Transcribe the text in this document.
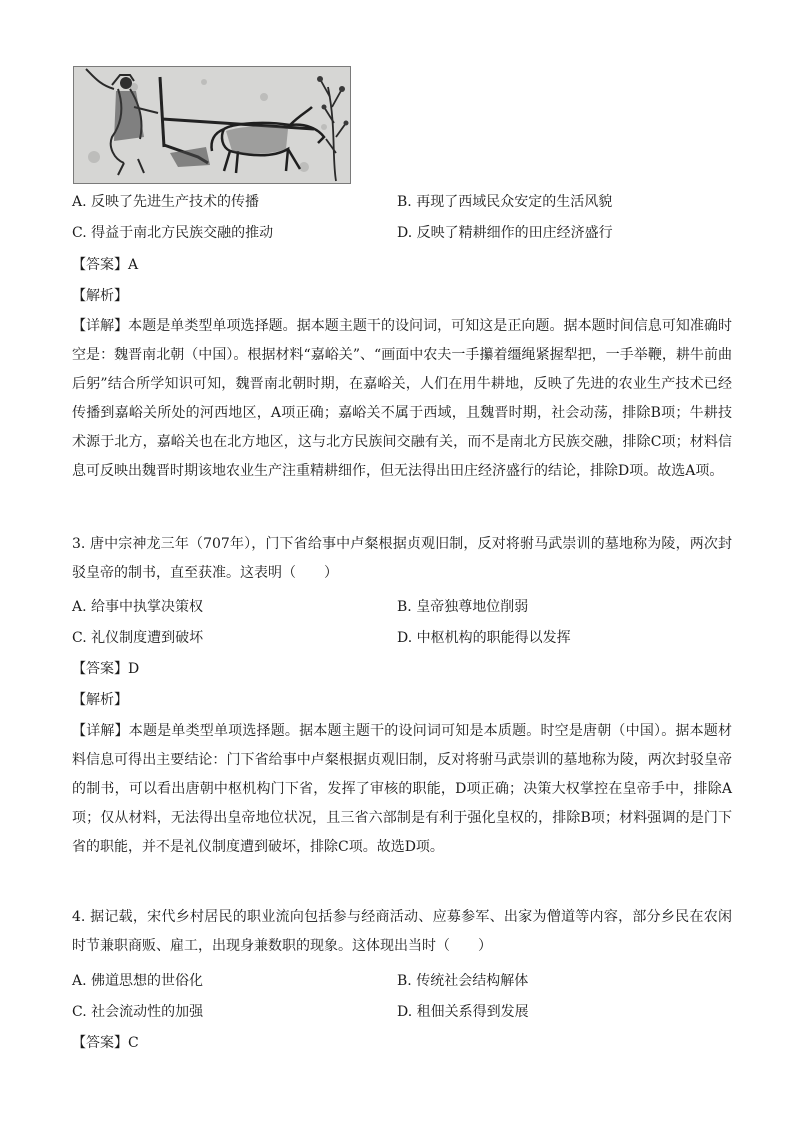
A. 反映了先进生产技术的传播	B. 再现了西域民众安定的生活风貌
C. 得益于南北方民族交融的推动	D. 反映了精耕细作的田庄经济盛行
【答案】A
【解析】
【详解】本题是单类型单项选择题。据本题主题干的设问词，可知这是正向题。据本题时间信息可知准确时空是：魏晋南北朝（中国）。根据材料“嘉峪关”、“画面中农夫一手攥着缰绳紧握犁把，一手举鞭，耕牛前曲后躬”结合所学知识可知，魏晋南北朝时期，在嘉峪关，人们在用牛耕地，反映了先进的农业生产技术已经传播到嘉峪关所处的河西地区，A项正确；嘉峪关不属于西域，且魏晋时期，社会动荡，排除B项；牛耕技术源于北方，嘉峪关也在北方地区，这与北方民族间交融有关，而不是南北方民族交融，排除C项；材料信息可反映出魏晋时期该地农业生产注重精耕细作，但无法得出田庄经济盛行的结论，排除D项。故选A项。
3. 唐中宗神龙三年（707年），门下省给事中卢粲根据贞观旧制，反对将驸马武崇训的墓地称为陵，两次封驳皇帝的制书，直至获准。这表明（　　）
A. 给事中执掌决策权	B. 皇帝独尊地位削弱
C. 礼仪制度遭到破坏	D. 中枢机构的职能得以发挥
【答案】D
【解析】
【详解】本题是单类型单项选择题。据本题主题干的设问词可知是本质题。时空是唐朝（中国）。据本题材料信息可得出主要结论：门下省给事中卢粲根据贞观旧制，反对将驸马武崇训的墓地称为陵，两次封驳皇帝的制书，可以看出唐朝中枢机构门下省，发挥了审核的职能，D项正确；决策大权掌控在皇帝手中，排除A项；仅从材料，无法得出皇帝地位状况，且三省六部制是有利于强化皇权的，排除B项；材料强调的是门下省的职能，并不是礼仪制度遭到破坏，排除C项。故选D项。
4. 据记载，宋代乡村居民的职业流向包括参与经商活动、应募参军、出家为僧道等内容，部分乡民在农闲时节兼职商贩、雇工，出现身兼数职的现象。这体现出当时（　　）
A. 佛道思想的世俗化	B. 传统社会结构解体
C. 社会流动性的加强	D. 租佃关系得到发展
【答案】C
